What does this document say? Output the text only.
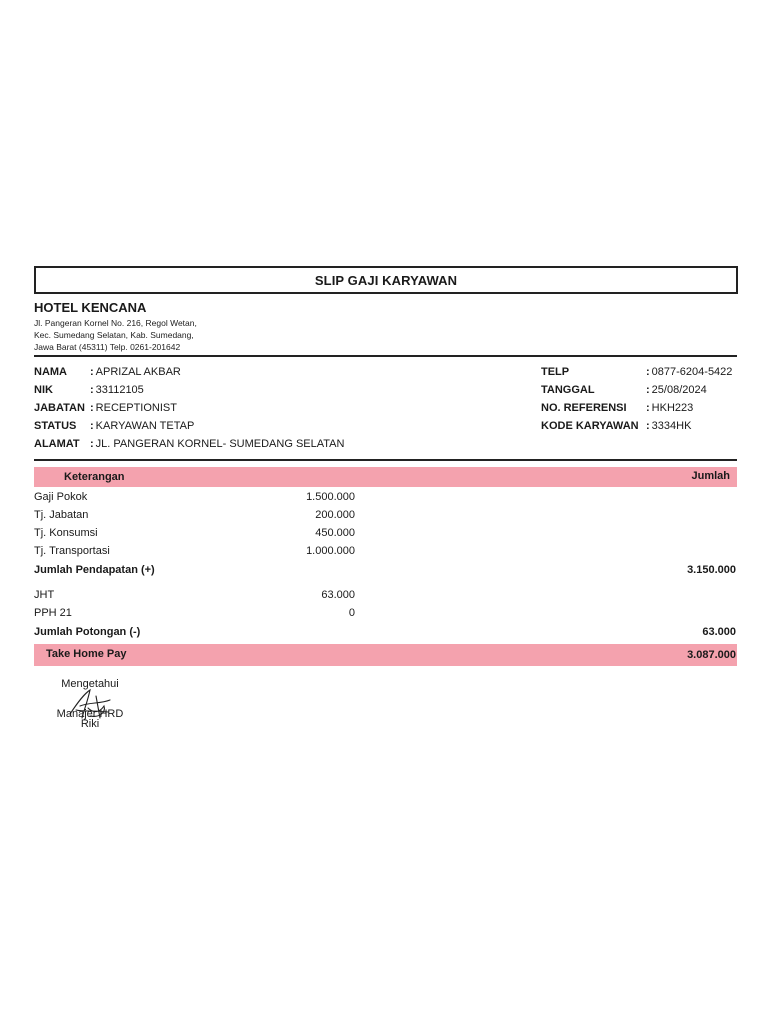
SLIP GAJI KARYAWAN
HOTEL KENCANA
Jl. Pangeran Kornel No. 216, Regol Wetan,
Kec. Sumedang Selatan, Kab. Sumedang,
Jawa Barat (45311) Telp. 0261-201642
NAMA	: APRIZAL AKBAR
NIK	: 33112105
JABATAN : RECEPTIONIST
STATUS	: KARYAWAN TETAP
ALAMAT : JL. PANGERAN KORNEL- SUMEDANG SELATAN
TELP	: 0877-6204-5422
TANGGAL	: 25/08/2024
NO. REFERENSI	: HKH223
KODE KARYAWAN : 3334HK
Keterangan	Jumlah
Gaji Pokok	1.500.000
Tj. Jabatan	200.000
Tj. Konsumsi	450.000
Tj. Transportasi	1.000.000
Jumlah Pendapatan (+)	3.150.000
JHT	63.000
PPH 21	0
Jumlah Potongan (-)	63.000
Take Home Pay	3.087.000
Mengetahui
Manajer HRD
Riki
